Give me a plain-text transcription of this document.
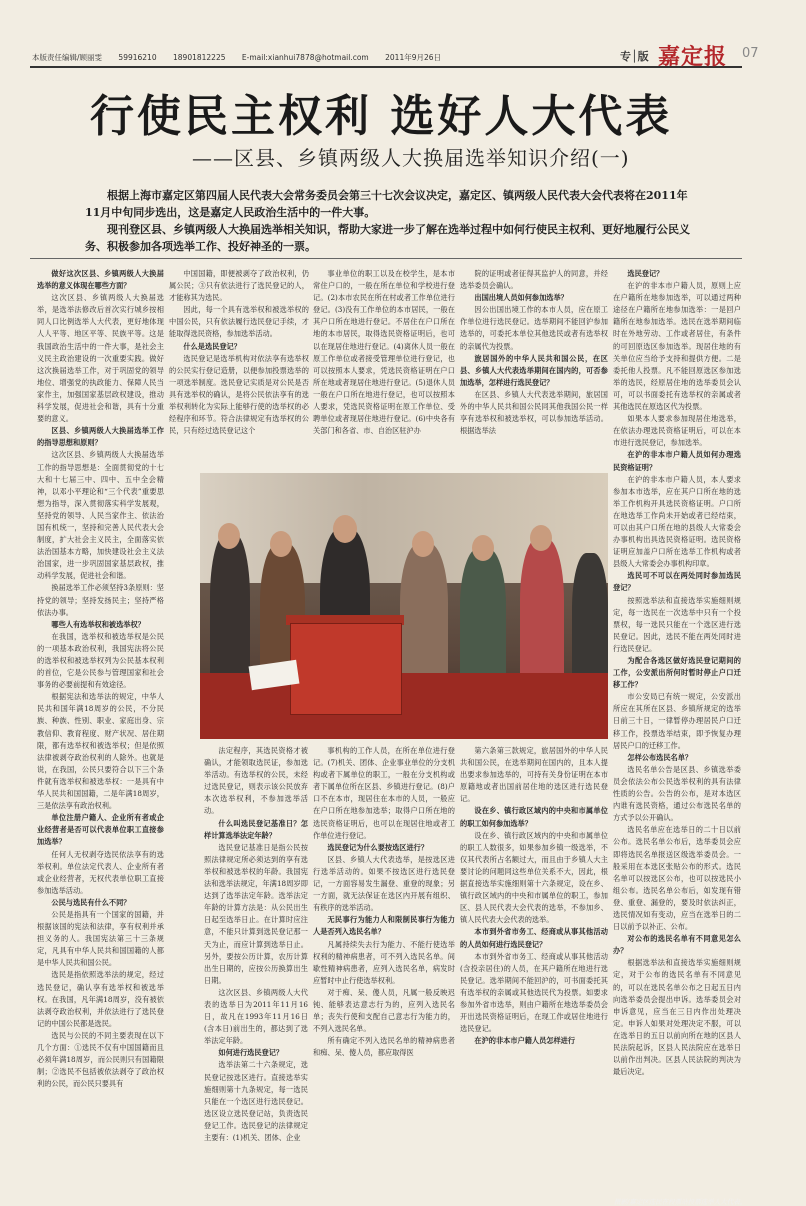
本版责任编辑/顾丽雯 59916210 18901812225 E-mail:xianhui7878@hotmail.com 2011年9月26日	专│版 嘉定报 07
行使民主权利 选好人大代表
——区县、乡镇两级人大换届选举知识介绍(一)

根据上海市嘉定区第四届人民代表大会常务委员会第三十七次会议决定，嘉定区、镇两级人民代表大会代表将在2011年11月中旬同步选出，这是嘉定人民政治生活中的一件大事。

现刊登区县、乡镇两级人大换届选举相关知识，帮助大家进一步了解在选举过程中如何行使民主权利、更好地履行公民义务、积极参加各项选举工作、投好神圣的一票。

做好这次区县、乡镇两级人大换届选举的意义体现在哪些方面？

这次区县、乡镇两级人大换届选举，是选举法修改后首次实行城乡按相同人口比例选举人大代表，更好地体现人人平等、地区平等、民族平等。这是我国政治生活中的一件大事，是社会主义民主政治建设的一次重要实践。做好这次换届选举工作，对于巩固党的领导地位、增强党的执政能力、保障人民当家作主，加强国家基层政权建设，推动科学发展，促进社会和谐，具有十分重要的意义。

区县、乡镇两级人大换届选举工作的指导思想和原则？

这次区县、乡镇两级人大换届选举工作的指导思想是：全面贯彻党的十七大和十七届三中、四中、五中全会精神，以邓小平理论和“三个代表”重要思想为指导，深入贯彻落实科学发展观，坚持党的领导、人民当家作主、依法治国有机统一，坚持和完善人民代表大会制度，扩大社会主义民主，全面落实依法治国基本方略，加快建设社会主义法治国家，进一步巩固国家基层政权，推动科学发展，促进社会和谐。

换届选举工作必须坚持3条原则：坚持党的领导；坚持发扬民主；坚持严格依法办事。

哪些人有选举权和被选举权？

在我国，选举权和被选举权是公民的一项基本政治权利，我国宪法将公民的选举权和被选举权列为公民基本权利的首位，它是公民参与管理国家和社会事务的必要前提和有效途径。

根据宪法和选举法的规定，中华人民共和国年满18周岁的公民，不分民族、种族、性别、职业、家庭出身、宗教信仰、教育程度、财产状况、居住期限，都有选举权和被选举权；但是依照法律被剥夺政治权利的人除外。也就是说，在我国，公民只要符合以下三个条件就有选举权和被选举权：一是具有中华人民共和国国籍，二是年满18周岁，三是依法享有政治权利。

单位注册户籍人、企业所有者或企业经营者是否可以代表单位职工直接参加选举？

任何人无权剥夺选民依法享有的选举权利。单位法定代表人、企业所有者或企业经营者，无权代表单位职工直接参加选举活动。

公民与选民有什么不同？

公民是指具有一个国家的国籍，并根据该国的宪法和法律，享有权利并承担义务的人。我国宪法第三十三条规定，凡具有中华人民共和国国籍的人都是中华人民共和国公民。

选民是指依照选举法的规定，经过选民登记，确认享有选举权和被选举权。在我国，凡年满18周岁，没有被依法剥夺政治权利，并依法进行了选民登记的中国公民都是选民。

选民与公民的不同主要表现在以下几个方面：①选民不仅有中国国籍而且必须年满18周岁，而公民则只有国籍限制；②选民不包括被依法剥夺了政治权利的公民，而公民只要具有

中国国籍，即便被剥夺了政治权利，仍属公民；③只有依法进行了选民登记的人，才能称其为选民。

因此，每一个具有选举权和被选举权的中国公民，只有依法履行选民登记手续，才能取得选民资格，参加选举活动。

什么是选民登记？

选民登记是选举机构对依法享有选举权的公民实行登记造册，以便参加投票选举的一项选举制度。选民登记实质是对公民是否具有选举权的确认，是将公民依法享有的选举权利转化为实际上能够行使的选举权的必经程序和环节。符合法律规定有选举权的公民，只有经过选民登记这个

事业单位的职工以及在校学生，是本市常住户口的，一般在所在单位和学校进行登记。(2)本市农民在所在村或者工作单位进行登记。(3)没有工作单位的本市居民，一般在其户口所在地进行登记。不居住在户口所在地的本市居民，取得选民资格证明后，也可以在现居住地进行登记。(4)离休人员一般在原工作单位或者接受管理单位进行登记，也可以按照本人要求，凭选民资格证明在户口所在地或者现居住地进行登记。(5)退休人员一般在户口所在地进行登记，也可以按照本人要求，凭选民资格证明在原工作单位、受聘单位或者现居住地进行登记。(6)中央各有关部门和各省、市、自治区驻沪办

院的证明或者征得其监护人的同意，并经选举委员会确认。

出国出境人员如何参加选举？

因公出国出境工作的本市人员，应在原工作单位进行选民登记。选举期间不能回沪参加选举的，可委托本单位其他选民或者有选举权的亲属代为投票。

旅居国外的中华人民共和国公民，在区县、乡镇人大代表选举期间在国内的，可否参加选举，怎样进行选民登记？

在区县、乡镇人大代表选举期间，旅居国外的中华人民共和国公民同其他我国公民一样享有选举权和被选举权，可以参加选举活动。根据选举法

选民登记？

在沪的非本市户籍人员，原则上应在户籍所在地参加选举，可以通过两种途径在户籍所在地参加选举：一是回户籍所在地参加选举。选民在选举期间临时在外地劳动、工作或者居住，有条件的可回原选区参加选举。现居住地的有关单位应当给予支持和提供方便。二是委托他人投票。凡不能回原选区参加选举的选民，经原居住地的选举委员会认可，可以书面委托有选举权的亲属或者其他选民在原选区代为投票。

如果本人要求参加现居住地选举，在依法办理选民资格证明后，可以在本市进行选民登记，参加选举。

在沪的非本市户籍人员如何办理选民资格证明？

在沪的非本市户籍人员，本人要求参加本市选举，应在其户口所在地的选举工作机构开具选民资格证明。户口所在地选举工作尚未开始或者已经结束，可以由其户口所在地的县级人大常委会办事机构出具选民资格证明。选民资格证明应加盖户口所在选举工作机构或者县级人大常委会办事机构印章。

选民可不可以在两处同时参加选民登记？

按照选举法和直接选举实施细则规定，每一选民在一次选举中只有一个投票权，每一选民只能在一个选区进行选民登记。因此，选民不能在两处同时进行选民登记。

为配合各选区做好选民登记期间的工作，公安派出所何时暂时停止户口迁移工作？

市公安局已有统一规定，公安派出所应在其所在区县、乡镇所规定的选举日前三十日，一律暂停办理居民户口迁移工作，投票选举结束，即予恢复办理居民户口的迁移工作。

怎样公布选民名单？

选民名单公告是区县、乡镇选举委员会依法公布公民选举权利的具有法律性质的公告。公告的公布，是对本选区内谁有选民资格，通过公布选民名单的方式予以公开确认。

选民名单应在选举日的二十日以前公布。选民名单公布后，选举委员会应即将选民名单报送区级选举委员会。一般采用在本选区张贴公布的形式。选民名单可以按选区公布，也可以按选民小组公布。选民名单公布后，如发现有错登、重登、漏登的，要及时依法纠正，选民情况如有变动，应当在选举日的二日以前予以补正、公布。

对公布的选民名单有不同意见怎么办？

根据选举法和直接选举实施细则规定，对于公布的选民名单有不同意见的，可以在选民名单公布之日起五日内向选举委员会提出申诉。选举委员会对申诉意见，应当在三日内作出处理决定。申诉人如果对处理决定不服，可以在选举日的五日以前向所在地的区县人民法院起诉，区县人民法院应在选举日以前作出判决。区县人民法院的判决为最后决定。

摄影/嘉定区选民在投票站投票选举人大代表。

法定程序，其选民资格才被确认，才能领取选民证，参加选举活动。有选举权的公民，未经过选民登记，则表示该公民放弃本次选举权利，不参加选举活动。

什么叫选民登记基准日？怎样计算选举法定年龄？

选民登记基准日是指公民按照法律规定所必须达到的享有选举权和被选举权的年龄。我国宪法和选举法规定，年满18周岁即达到了选举法定年龄。选举法定年龄的计算方法是：从公民出生日起至选举日止。在计算时应注意，不能只计算到选民登记那一天为止，而应计算到选举日止。另外，要按公历计算，农历计算出生日期的，应按公历换算出生日期。

这次区县、乡镇两级人大代表的选举日为2011年11月16日，故凡在1993年11月16日(含本日)前出生的，都达到了选举法定年龄。

如何进行选民登记？

选举法第二十六条规定，选民登记按选区进行。直接选举实施细则第十九条规定，每一选民只能在一个选区进行选民登记。选区设立选民登记站，负责选民登记工作。选民登记的法律规定主要有：(1)机关、团体、企业

事机构的工作人员，在所在单位进行登记。(7)机关、团体、企业事业单位的分支机构或者下属单位的职工，一般在分支机构或者下属单位所在区县、乡镇进行登记。(8)户口不在本市，现居住在本市的人员，一般应在户口所在地参加选举；取得户口所在地的选民资格证明后，也可以在现居住地或者工作单位进行登记。

选民登记为什么要按选区进行？

区县、乡镇人大代表选举，是按选区进行选举活动的。如果不按选区进行选民登记，一方面容易发生漏登、重登的现象；另一方面，就无法保证在选区内开展有组织、有秩序的选举活动。

无民事行为能力人和限制民事行为能力人是否列入选民名单？

凡属持续失去行为能力、不能行使选举权利的精神病患者，可不列入选民名单。间歇性精神病患者，应列入选民名单，病发时应暂时中止行使选举权利。

对于痴、呆、傻人员，凡属一般反映迟钝、能够表达意志行为的，应列入选民名单；丧失行使和支配自己意志行为能力的，不列入选民名单。

所有确定不列入选民名单的精神病患者和痴、呆、傻人员，都应取得医

第六条第三款规定，旅居国外的中华人民共和国公民，在选举期间在国内的，且本人提出要求参加选举的，可持有关身份证明在本市原籍地或者出国前居住地的选区进行选民登记。

设在乡、镇行政区域内的中央和市属单位的职工如何参加选举？

设在乡、镇行政区域内的中央和市属单位的职工人数很多，如果参加乡镇一级选举，不仅其代表所占名额过大，而且由于乡镇人大主要讨论的问题同这些单位关系不大，因此，根据直接选举实施细则第十六条规定，设在乡、镇行政区域内的中央和市属单位的职工，参加区、县人民代表大会代表的选举，不参加乡、镇人民代表大会代表的选举。

本市到外省市务工、经商或从事其他活动的人员如何进行选民登记？

本市到外省市务工、经商或从事其他活动(含投亲居住)的人员，在其户籍所在地进行选民登记。选举期间不能回沪的，可书面委托其有选举权的亲属或其他选民代为投票。如要求参加外省市选举，则由户籍所在地选举委员会开出选民资格证明后，在现工作或居住地进行选民登记。

在沪的非本市户籍人员怎样进行
